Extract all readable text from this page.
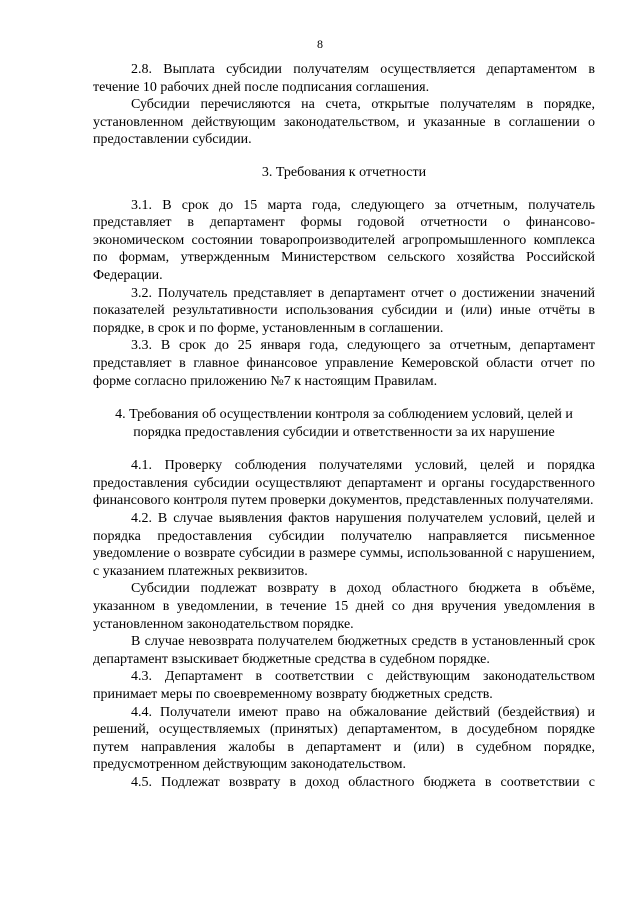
8

2.8. Выплата субсидии получателям осуществляется департаментом в течение 10 рабочих дней после подписания соглашения.

Субсидии перечисляются на счета, открытые получателям в порядке, установленном действующим законодательством, и указанные в соглашении о предоставлении субсидии.

3. Требования к отчетности

3.1. В срок до 15 марта года, следующего за отчетным, получатель представляет в департамент формы годовой отчетности о финансово-экономическом состоянии товаропроизводителей агропромышленного комплекса по формам, утвержденным Министерством сельского хозяйства Российской Федерации.

3.2. Получатель представляет в департамент отчет о достижении значений показателей результативности использования субсидии и (или) иные отчёты в порядке, в срок и по форме, установленным в соглашении.

3.3. В срок до 25 января года, следующего за отчетным, департамент представляет в главное финансовое управление Кемеровской области отчет по форме согласно приложению №7 к настоящим Правилам.

4. Требования об осуществлении контроля за соблюдением условий, целей и

порядка предоставления субсидии и ответственности за их нарушение

4.1. Проверку соблюдения получателями условий, целей и порядка предоставления субсидии осуществляют департамент и органы государственного финансового контроля путем проверки документов, представленных получателями.

4.2. В случае выявления фактов нарушения получателем условий, целей и порядка предоставления субсидии получателю направляется письменное уведомление о возврате субсидии в размере суммы, использованной с нарушением, с указанием платежных реквизитов.

Субсидии подлежат возврату в доход областного бюджета в объёме, указанном в уведомлении, в течение 15 дней со дня вручения уведомления в установленном законодательством порядке.

В случае невозврата получателем бюджетных средств в установленный срок департамент взыскивает бюджетные средства в судебном порядке.

4.3. Департамент в соответствии с действующим законодательством принимает меры по своевременному возврату бюджетных средств.

4.4. Получатели имеют право на обжалование действий (бездействия) и решений, осуществляемых (принятых) департаментом, в досудебном порядке путем направления жалобы в департамент и (или) в судебном порядке, предусмотренном действующим законодательством.

4.5. Подлежат возврату в доход областного бюджета в соответствии с
